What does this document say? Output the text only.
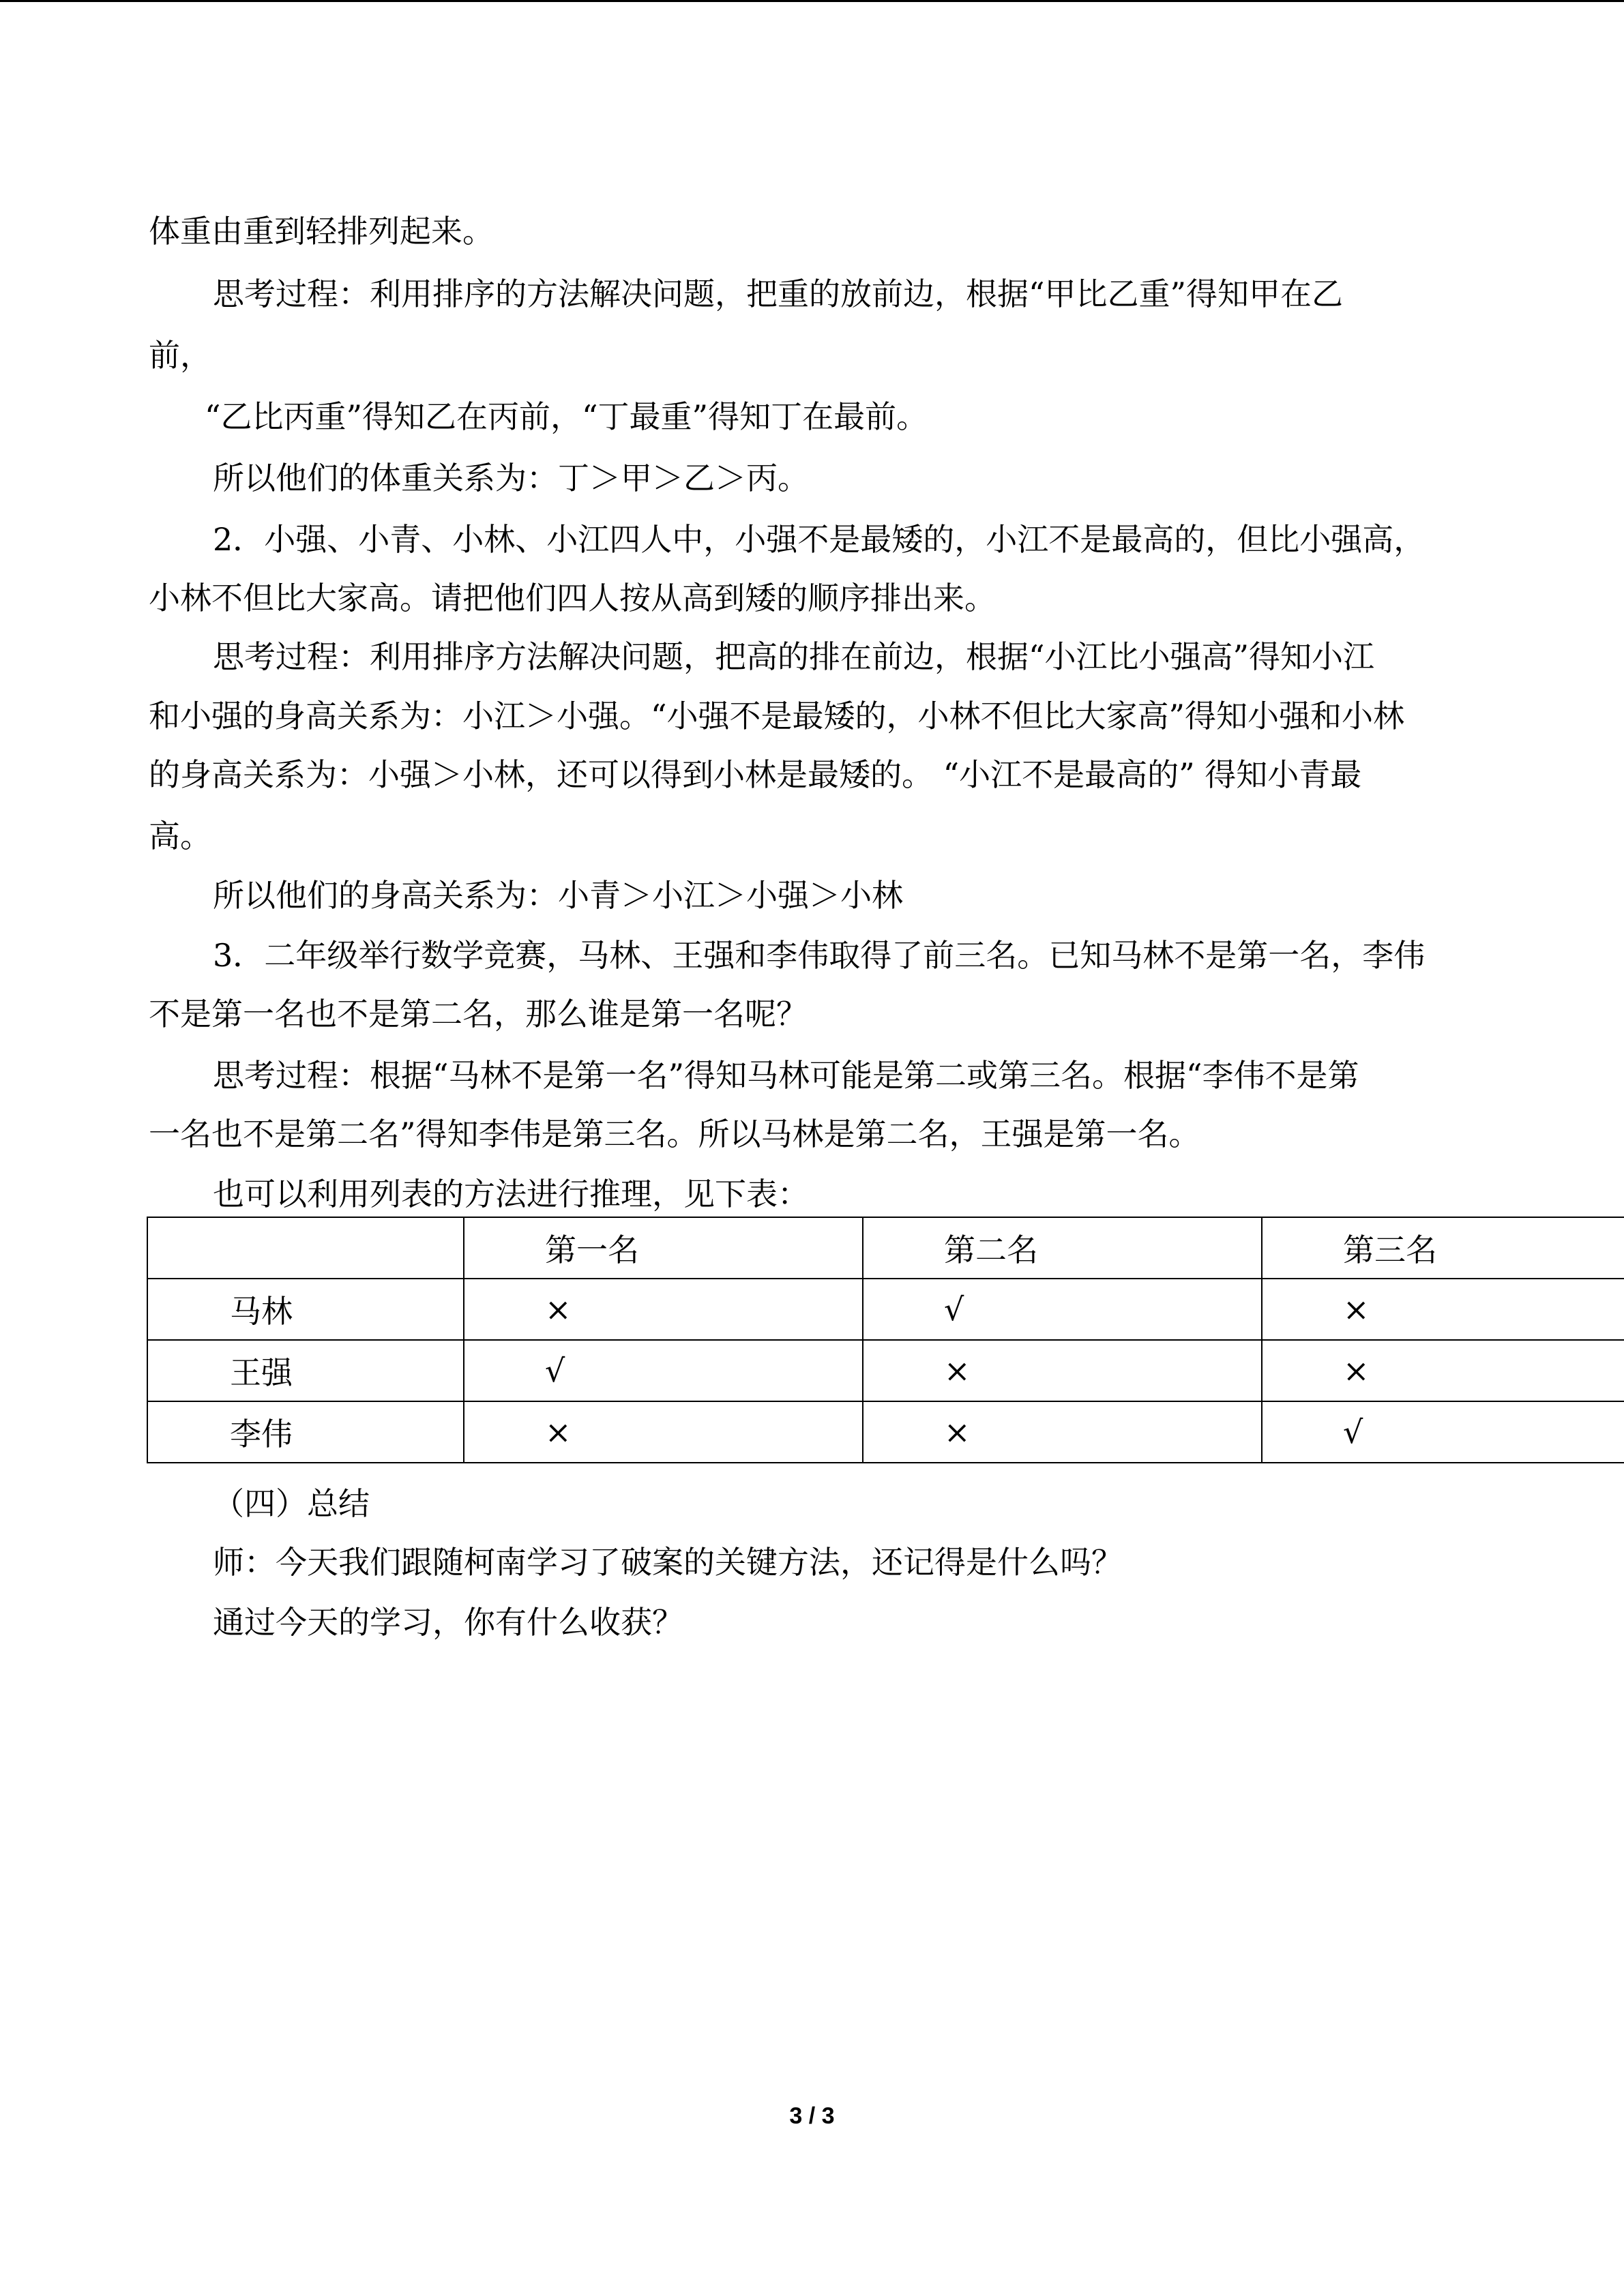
体重由重到轻排列起来。
思考过程：利用排序的方法解决问题，把重的放前边，根据“甲比乙重”得知甲在乙
前，
“乙比丙重”得知乙在丙前，“丁最重”得知丁在最前。
所以他们的体重关系为：丁＞甲＞乙＞丙。
2．小强、小青、小林、小江四人中，小强不是最矮的，小江不是最高的，但比小强高，
小林不但比大家高。请把他们四人按从高到矮的顺序排出来。
思考过程：利用排序方法解决问题，把高的排在前边，根据“小江比小强高”得知小江
和小强的身高关系为：小江＞小强。“小强不是最矮的，小林不但比大家高”得知小强和小林
的身高关系为：小强＞小林，还可以得到小林是最矮的。 “小江不是最高的” 得知小青最
高。
所以他们的身高关系为：小青＞小江＞小强＞小林
3．二年级举行数学竞赛，马林、王强和李伟取得了前三名。已知马林不是第一名，李伟
不是第一名也不是第二名，那么谁是第一名呢？
思考过程：根据“马林不是第一名”得知马林可能是第二或第三名。根据“李伟不是第
一名也不是第二名”得知李伟是第三名。所以马林是第二名，王强是第一名。
也可以利用列表的方法进行推理，见下表：
	第一名	第二名	第三名
马林	×	√	×
王强	√	×	×
李伟	×	×	√
（四）总结
师：今天我们跟随柯南学习了破案的关键方法，还记得是什么吗？
通过今天的学习，你有什么收获？
3 / 3
